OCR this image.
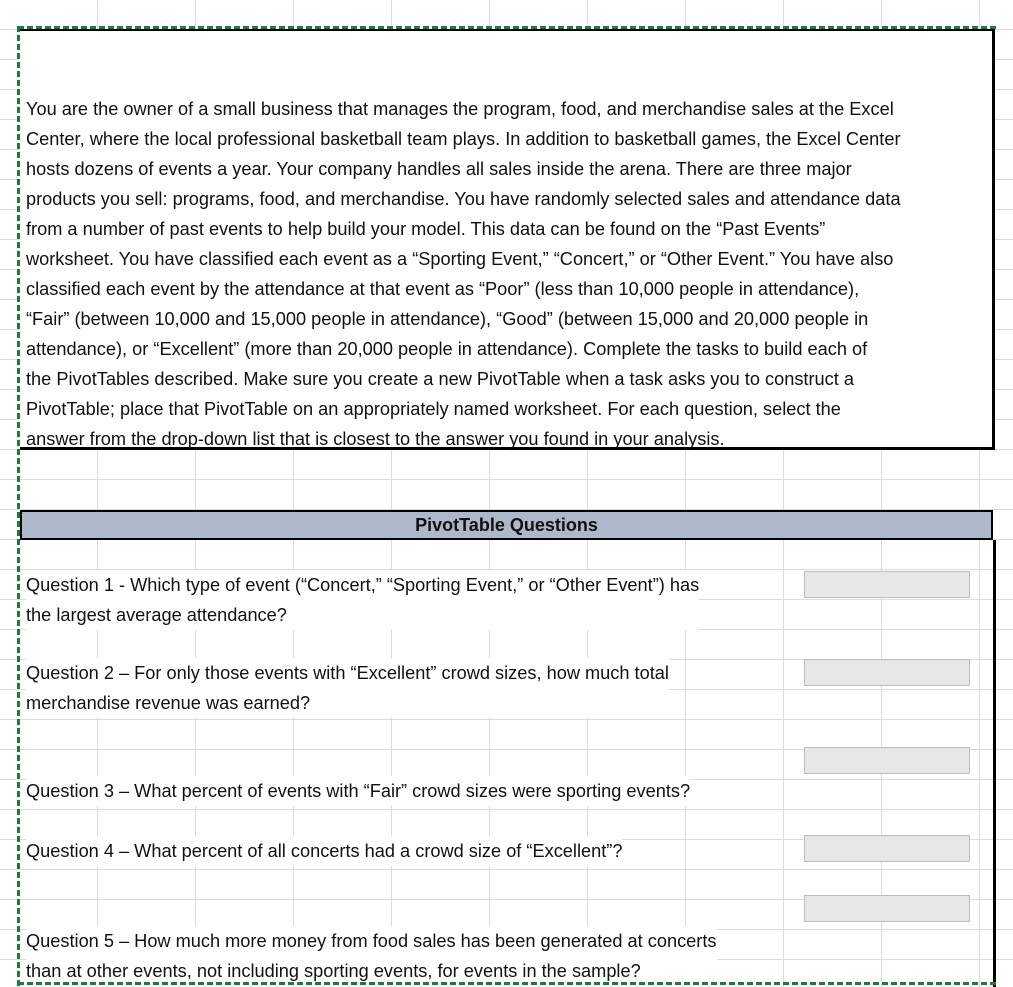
You are the owner of a small business that manages the program, food, and merchandise sales at the Excel
Center, where the local professional basketball team plays. In addition to basketball games, the Excel Center
hosts dozens of events a year. Your company handles all sales inside the arena. There are three major
products you sell: programs, food, and merchandise. You have randomly selected sales and attendance data
from a number of past events to help build your model. This data can be found on the “Past Events”
worksheet. You have classified each event as a “Sporting Event,” “Concert,” or “Other Event.” You have also
classified each event by the attendance at that event as “Poor” (less than 10,000 people in attendance),
“Fair” (between 10,000 and 15,000 people in attendance), “Good” (between 15,000 and 20,000 people in
attendance), or “Excellent” (more than 20,000 people in attendance). Complete the tasks to build each of
the PivotTables described. Make sure you create a new PivotTable when a task asks you to construct a
PivotTable; place that PivotTable on an appropriately named worksheet. For each question, select the
answer from the drop-down list that is closest to the answer you found in your analysis.
PivotTable Questions
Question 1 - Which type of event (“Concert,” “Sporting Event,” or “Other Event”) has
the largest average attendance?
Question 2 – For only those events with “Excellent” crowd sizes, how much total
merchandise revenue was earned?
Question 3 – What percent of events with “Fair” crowd sizes were sporting events?
Question 4 – What percent of all concerts had a crowd size of “Excellent”?
Question 5 – How much more money from food sales has been generated at concerts
than at other events, not including sporting events, for events in the sample?
